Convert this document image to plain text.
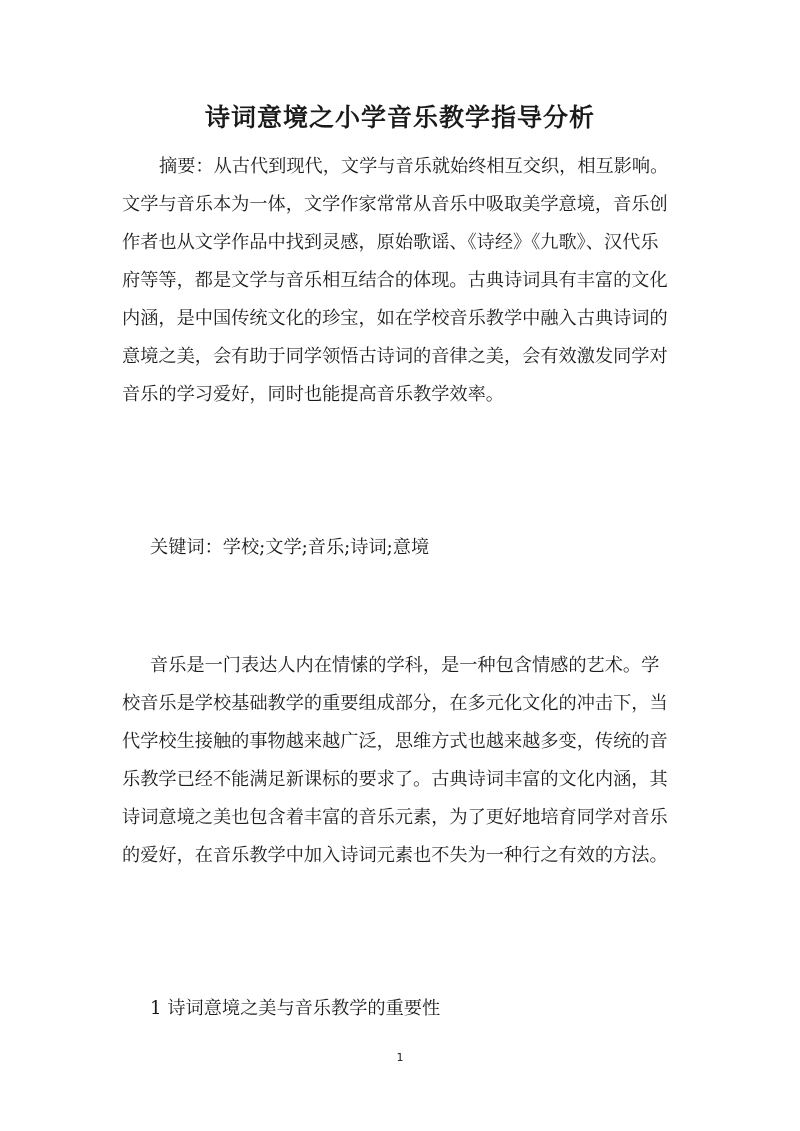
诗词意境之小学音乐教学指导分析
摘要：从古代到现代，文学与音乐就始终相互交织，相互影响。
文学与音乐本为一体，文学作家常常从音乐中吸取美学意境，音乐创
作者也从文学作品中找到灵感，原始歌谣、《诗经》《九歌》、汉代乐
府等等，都是文学与音乐相互结合的体现。古典诗词具有丰富的文化
内涵，是中国传统文化的珍宝，如在学校音乐教学中融入古典诗词的
意境之美，会有助于同学领悟古诗词的音律之美，会有效激发同学对
音乐的学习爱好，同时也能提高音乐教学效率。
关键词：学校;文学;音乐;诗词;意境
音乐是一门表达人内在情愫的学科，是一种包含情感的艺术。学
校音乐是学校基础教学的重要组成部分，在多元化文化的冲击下，当
代学校生接触的事物越来越广泛，思维方式也越来越多变，传统的音
乐教学已经不能满足新课标的要求了。古典诗词丰富的文化内涵，其
诗词意境之美也包含着丰富的音乐元素，为了更好地培育同学对音乐
的爱好，在音乐教学中加入诗词元素也不失为一种行之有效的方法。
1 诗词意境之美与音乐教学的重要性
1
